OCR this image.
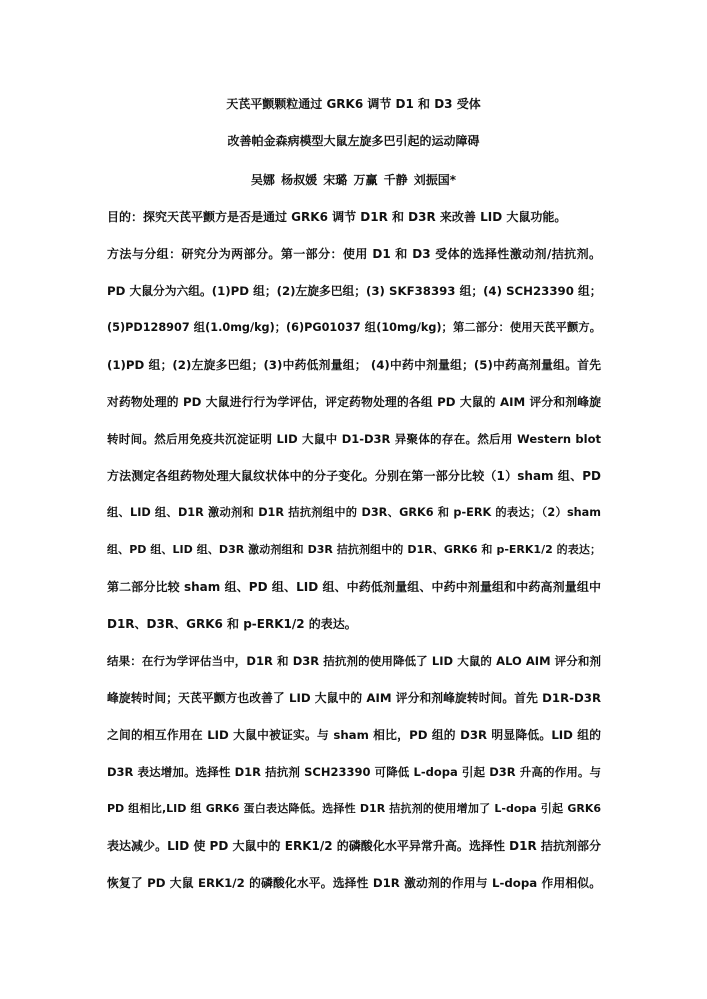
天芪平颤颗粒通过 GRK6 调节 D1 和 D3 受体
改善帕金森病模型大鼠左旋多巴引起的运动障碍
吴娜 杨叔媛 宋璐 万赢 千静 刘振国*
目的：探究天芪平颤方是否是通过 GRK6 调节 D1R 和 D3R 来改善 LID 大鼠功能。
方法与分组：研究分为两部分。第一部分：使用 D1 和 D3 受体的选择性激动剂/拮抗剂。
PD 大鼠分为六组。(1)PD 组；(2)左旋多巴组；(3) SKF38393 组；(4) SCH23390 组；
(5)PD128907 组(1.0mg/kg)；(6)PG01037 组(10mg/kg)；第二部分：使用天芪平颤方。
(1)PD 组；(2)左旋多巴组；(3)中药低剂量组； (4)中药中剂量组；(5)中药高剂量组。首先
对药物处理的 PD 大鼠进行行为学评估，评定药物处理的各组 PD 大鼠的 AIM 评分和剂峰旋
转时间。然后用免疫共沉淀证明 LID 大鼠中 D1-D3R 异聚体的存在。然后用 Western blot
方法测定各组药物处理大鼠纹状体中的分子变化。分别在第一部分比较（1）sham 组、PD
组、LID 组、D1R 激动剂和 D1R 拮抗剂组中的 D3R、GRK6 和 p-ERK 的表达；（2）sham
组、PD 组、LID 组、D3R 激动剂组和 D3R 拮抗剂组中的 D1R、GRK6 和 p-ERK1/2 的表达；
第二部分比较 sham 组、PD 组、LID 组、中药低剂量组、中药中剂量组和中药高剂量组中
D1R、D3R、GRK6 和 p-ERK1/2 的表达。
结果：在行为学评估当中，D1R 和 D3R 拮抗剂的使用降低了 LID 大鼠的 ALO AIM 评分和剂
峰旋转时间；天芪平颤方也改善了 LID 大鼠中的 AIM 评分和剂峰旋转时间。首先 D1R-D3R
之间的相互作用在 LID 大鼠中被证实。与 sham 相比，PD 组的 D3R 明显降低。LID 组的
D3R 表达增加。选择性 D1R 拮抗剂 SCH23390 可降低 L-dopa 引起 D3R 升高的作用。与
PD 组相比,LID 组 GRK6 蛋白表达降低。选择性 D1R 拮抗剂的使用增加了 L-dopa 引起 GRK6
表达减少。LID 使 PD 大鼠中的 ERK1/2 的磷酸化水平异常升高。选择性 D1R 拮抗剂部分
恢复了 PD 大鼠 ERK1/2 的磷酸化水平。选择性 D1R 激动剂的作用与 L-dopa 作用相似。
